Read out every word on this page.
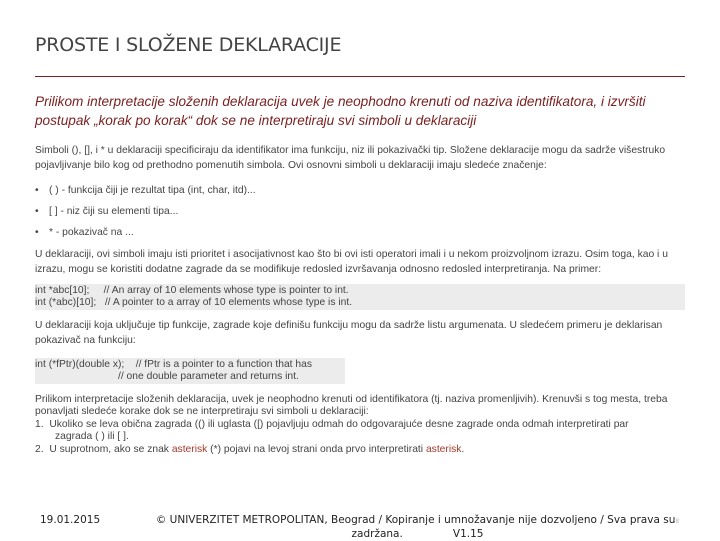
PROSTE I SLOŽENE DEKLARACIJE
Prilikom interpretacije složenih deklaracija uvek je neophodno krenuti od naziva identifikatora, i izvršiti postupak „korak po korak“ dok se ne interpretiraju svi simboli u deklaraciji
Simboli (), [], i * u deklaraciji specificiraju da identifikator ima funkciju, niz ili pokazivački tip. Složene deklaracije mogu da sadrže višestruko pojavljivanje bilo kog od prethodno pomenutih simbola. Ovi osnovni simboli u deklaraciji imaju sledeće značenje:
• ( ) - funkcija čiji je rezultat tipa (int, char, itd)...
• [ ] - niz čiji su elementi tipa...
• * - pokazivač na ...
U deklaraciji, ovi simboli imaju isti prioritet i asocijativnost kao što bi ovi isti operatori imali i u nekom proizvoljnom izrazu. Osim toga, kao i u izrazu, mogu se koristiti dodatne zagrade da se modifikuje redosled izvršavanja odnosno redosled interpretiranja. Na primer:
int *abc[10];     // An array of 10 elements whose type is pointer to int.
int (*abc)[10];   // A pointer to a array of 10 elements whose type is int.
U deklaraciji koja uključuje tip funkcije, zagrade koje definišu funkciju mogu da sadrže listu argumenata. U sledećem primeru je deklarisan pokazivač na funkciju:
int (*fPtr)(double x);    // fPtr is a pointer to a function that has
// one double parameter and returns int.
Prilikom interpretacije složenih deklaracija, uvek je neophodno krenuti od identifikatora (tj. naziva promenljivih). Krenuvši s tog mesta, treba ponavljati sledeće korake dok se ne interpretiraju svi simboli u deklaraciji:
1. Ukoliko se leva obična zagrada (() ili uglasta ([) pojavljuju odmah do odgovarajuće desne zagrade onda odmah interpretirati par
zagrada ( ) ili [ ].
2. U suprotnom, ako se znak asterisk (*) pojavi na levoj strani onda prvo interpretirati asterisk.
19.01.2015	© UNIVERZITET METROPOLITAN, Beograd / Kopiranje i umnožavanje nije dozvoljeno / Sva prava su8
zadržana.	V1.15
